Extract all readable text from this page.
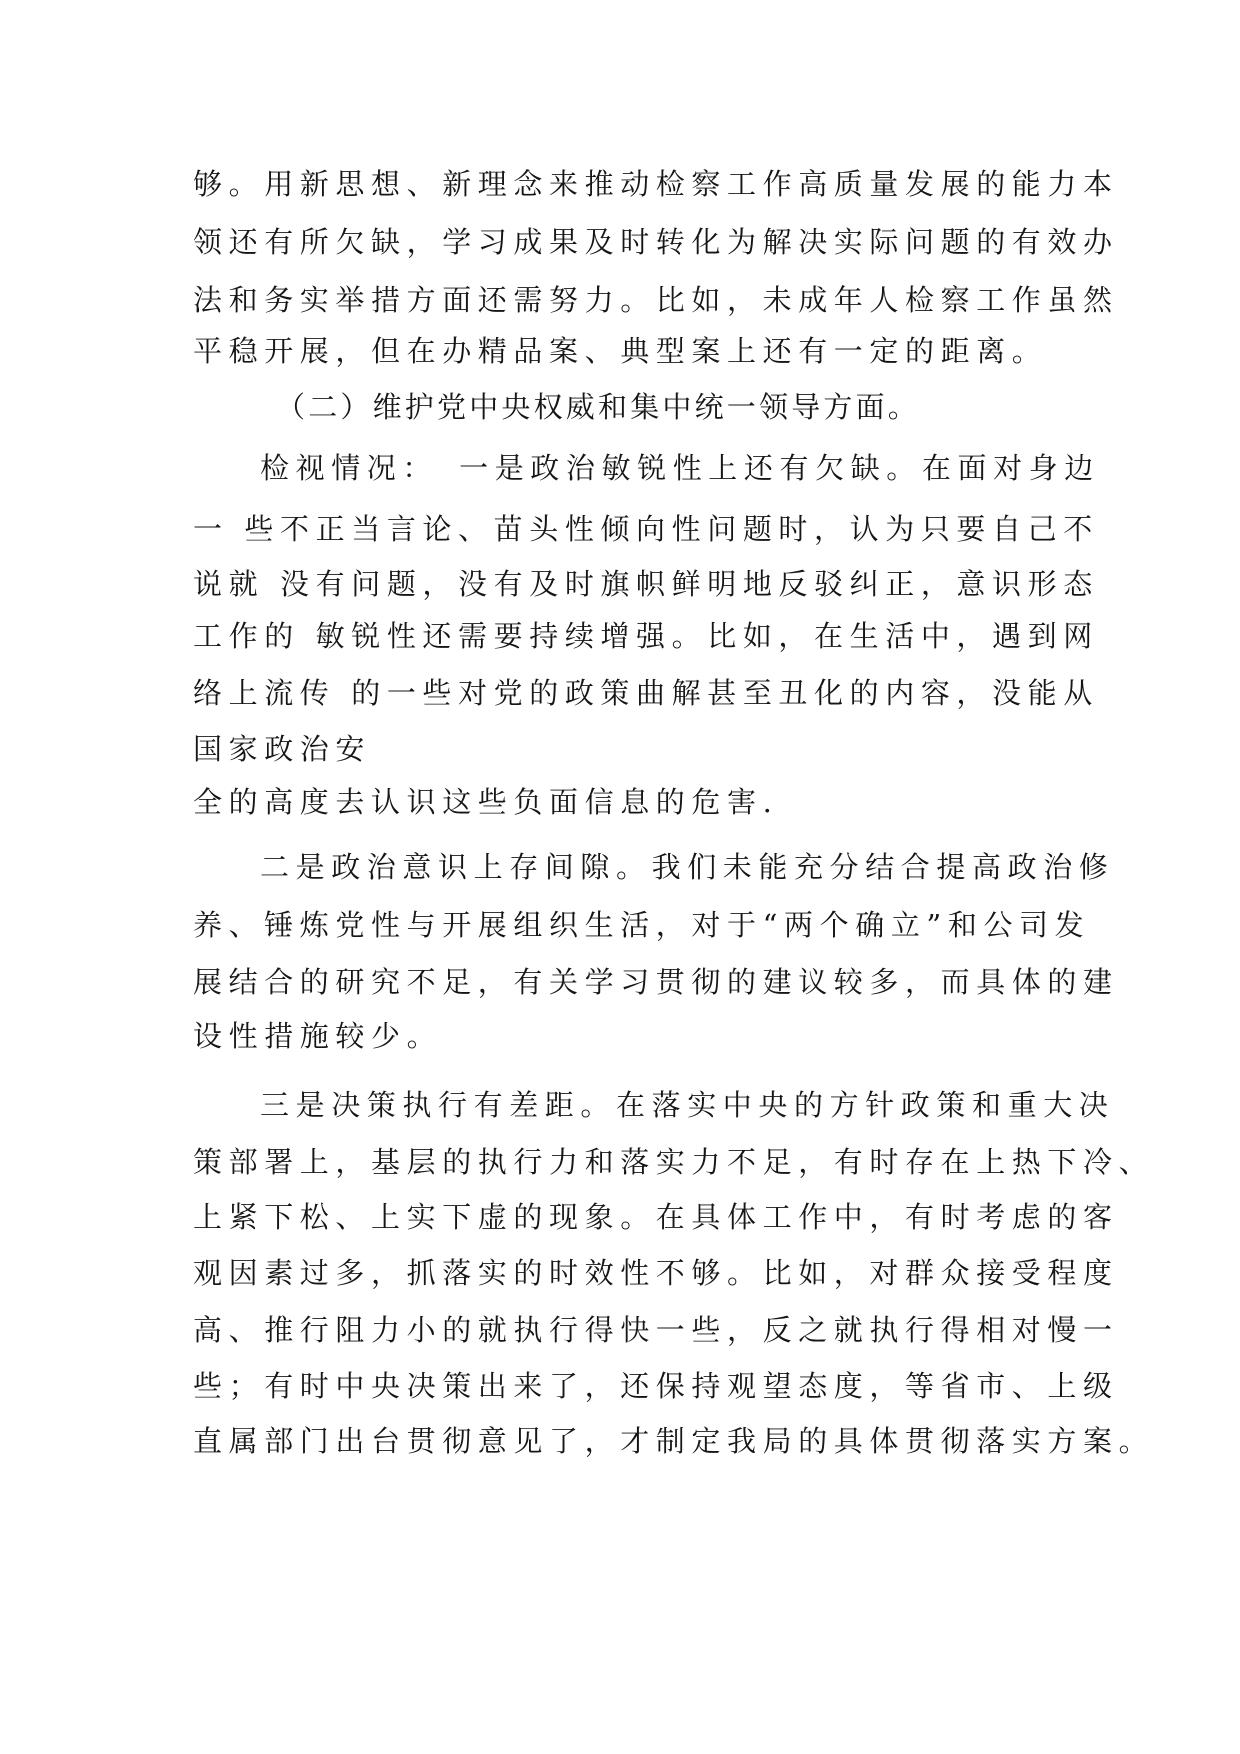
够。用新思想、新理念来推动检察工作高质量发展的能力本

领还有所欠缺，学习成果及时转化为解决实际问题的有效办

法和务实举措方面还需努力。比如，未成年人检察工作虽然

平稳开展，但在办精品案、典型案上还有一定的距离。

（二）维护党中央权威和集中统一领导方面。

检视情况：　一是政治敏锐性上还有欠缺。在面对身边

一 些不正当言论、苗头性倾向性问题时，认为只要自己不

说就 没有问题，没有及时旗帜鲜明地反驳纠正，意识形态

工作的 敏锐性还需要持续增强。比如，在生活中，遇到网

络上流传 的一些对党的政策曲解甚至丑化的内容，没能从

国家政治安

全的高度去认识这些负面信息的危害.

二是政治意识上存间隙。我们未能充分结合提高政治修

养、锤炼党性与开展组织生活，对于“两个确立”和公司发

展结合的研究不足，有关学习贯彻的建议较多，而具体的建

设性措施较少。

三是决策执行有差距。在落实中央的方针政策和重大决

策部署上，基层的执行力和落实力不足，有时存在上热下冷、

上紧下松、上实下虚的现象。在具体工作中，有时考虑的客

观因素过多，抓落实的时效性不够。比如，对群众接受程度

高、推行阻力小的就执行得快一些，反之就执行得相对慢一

些；有时中央决策出来了，还保持观望态度，等省市、上级

直属部门出台贯彻意见了，才制定我局的具体贯彻落实方案。
